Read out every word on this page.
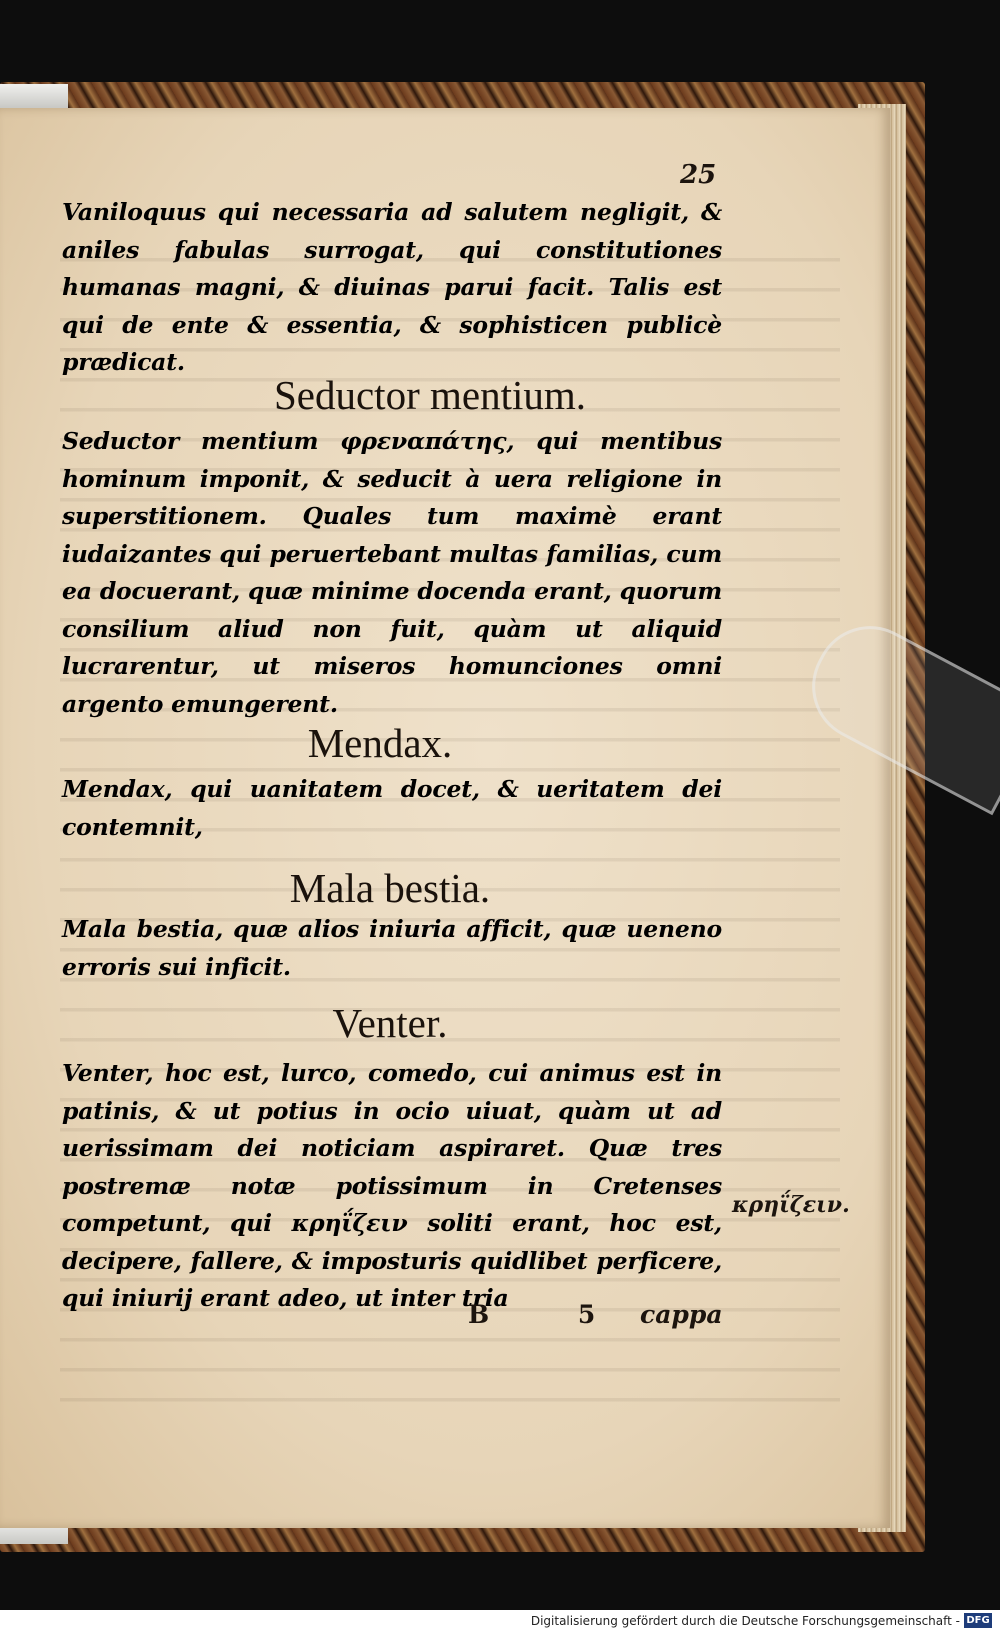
25

Vaniloquus qui necessaria ad salutem negligit, & aniles fabulas surrogat, qui constitutiones humanas magni, & diuinas parui facit. Talis est qui de ente & essentia, & sophisticen publicè prædicat.

Seductor mentium.

Seductor mentium φρεναπάτης, qui mentibus hominum imponit, & seducit à uera religione in superstitionem. Quales tum maximè erant iudaizantes qui peruertebant multas familias, cum ea docuerant, quæ minime docenda erant, quorum consilium aliud non fuit, quàm ut aliquid lucrarentur, ut miseros homunciones omni argento emungerent.

Mendax.

Mendax, qui uanitatem docet, & ueritatem dei contemnit,

Mala bestia.

Mala bestia, quæ alios iniuria afficit, quæ ueneno erroris sui inficit.

Venter.

Venter, hoc est, lurco, comedo, cui animus est in patinis, & ut potius in ocio uiuat, quàm ut ad uerissimam dei noticiam aspiraret. Quæ tres postremæ notæ potissimum in Cretenses competunt, qui κρηΐζειν soliti erant, hoc est, decipere, fallere, & imposturis quidlibet perficere, qui iniurij erant adeo, ut inter tria

κρηΐζειν.
B 5 cappa
Digitalisierung gefördert durch die Deutsche Forschungsgemeinschaft - DFG
